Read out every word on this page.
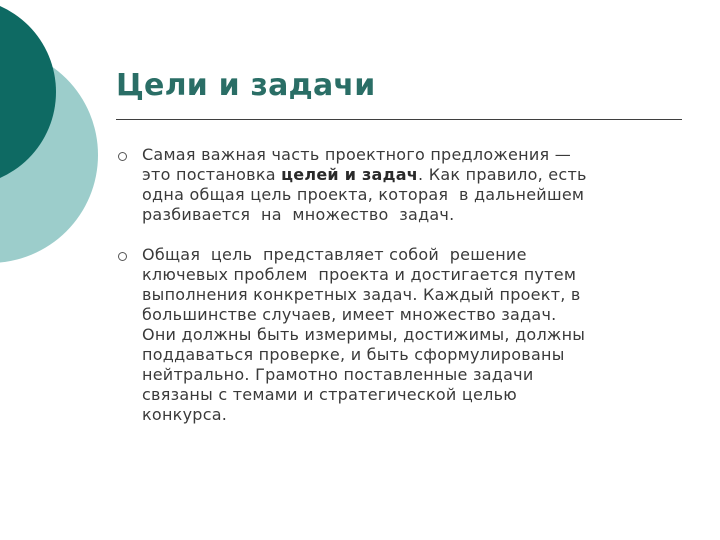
Цели и задачи
Самая важная часть проектного предложения —
это постановка целей и задач. Как правило, есть
одна общая цель проекта, которая  в дальнейшем
разбивается  на  множество  задач.
Общая  цель  представляет собой  решение
ключевых проблем  проекта и достигается путем
выполнения конкретных задач. Каждый проект, в
большинстве случаев, имеет множество задач.
Они должны быть измеримы, достижимы, должны
поддаваться проверке, и быть сформулированы
нейтрально. Грамотно поставленные задачи
связаны с темами и стратегической целью
конкурса.
